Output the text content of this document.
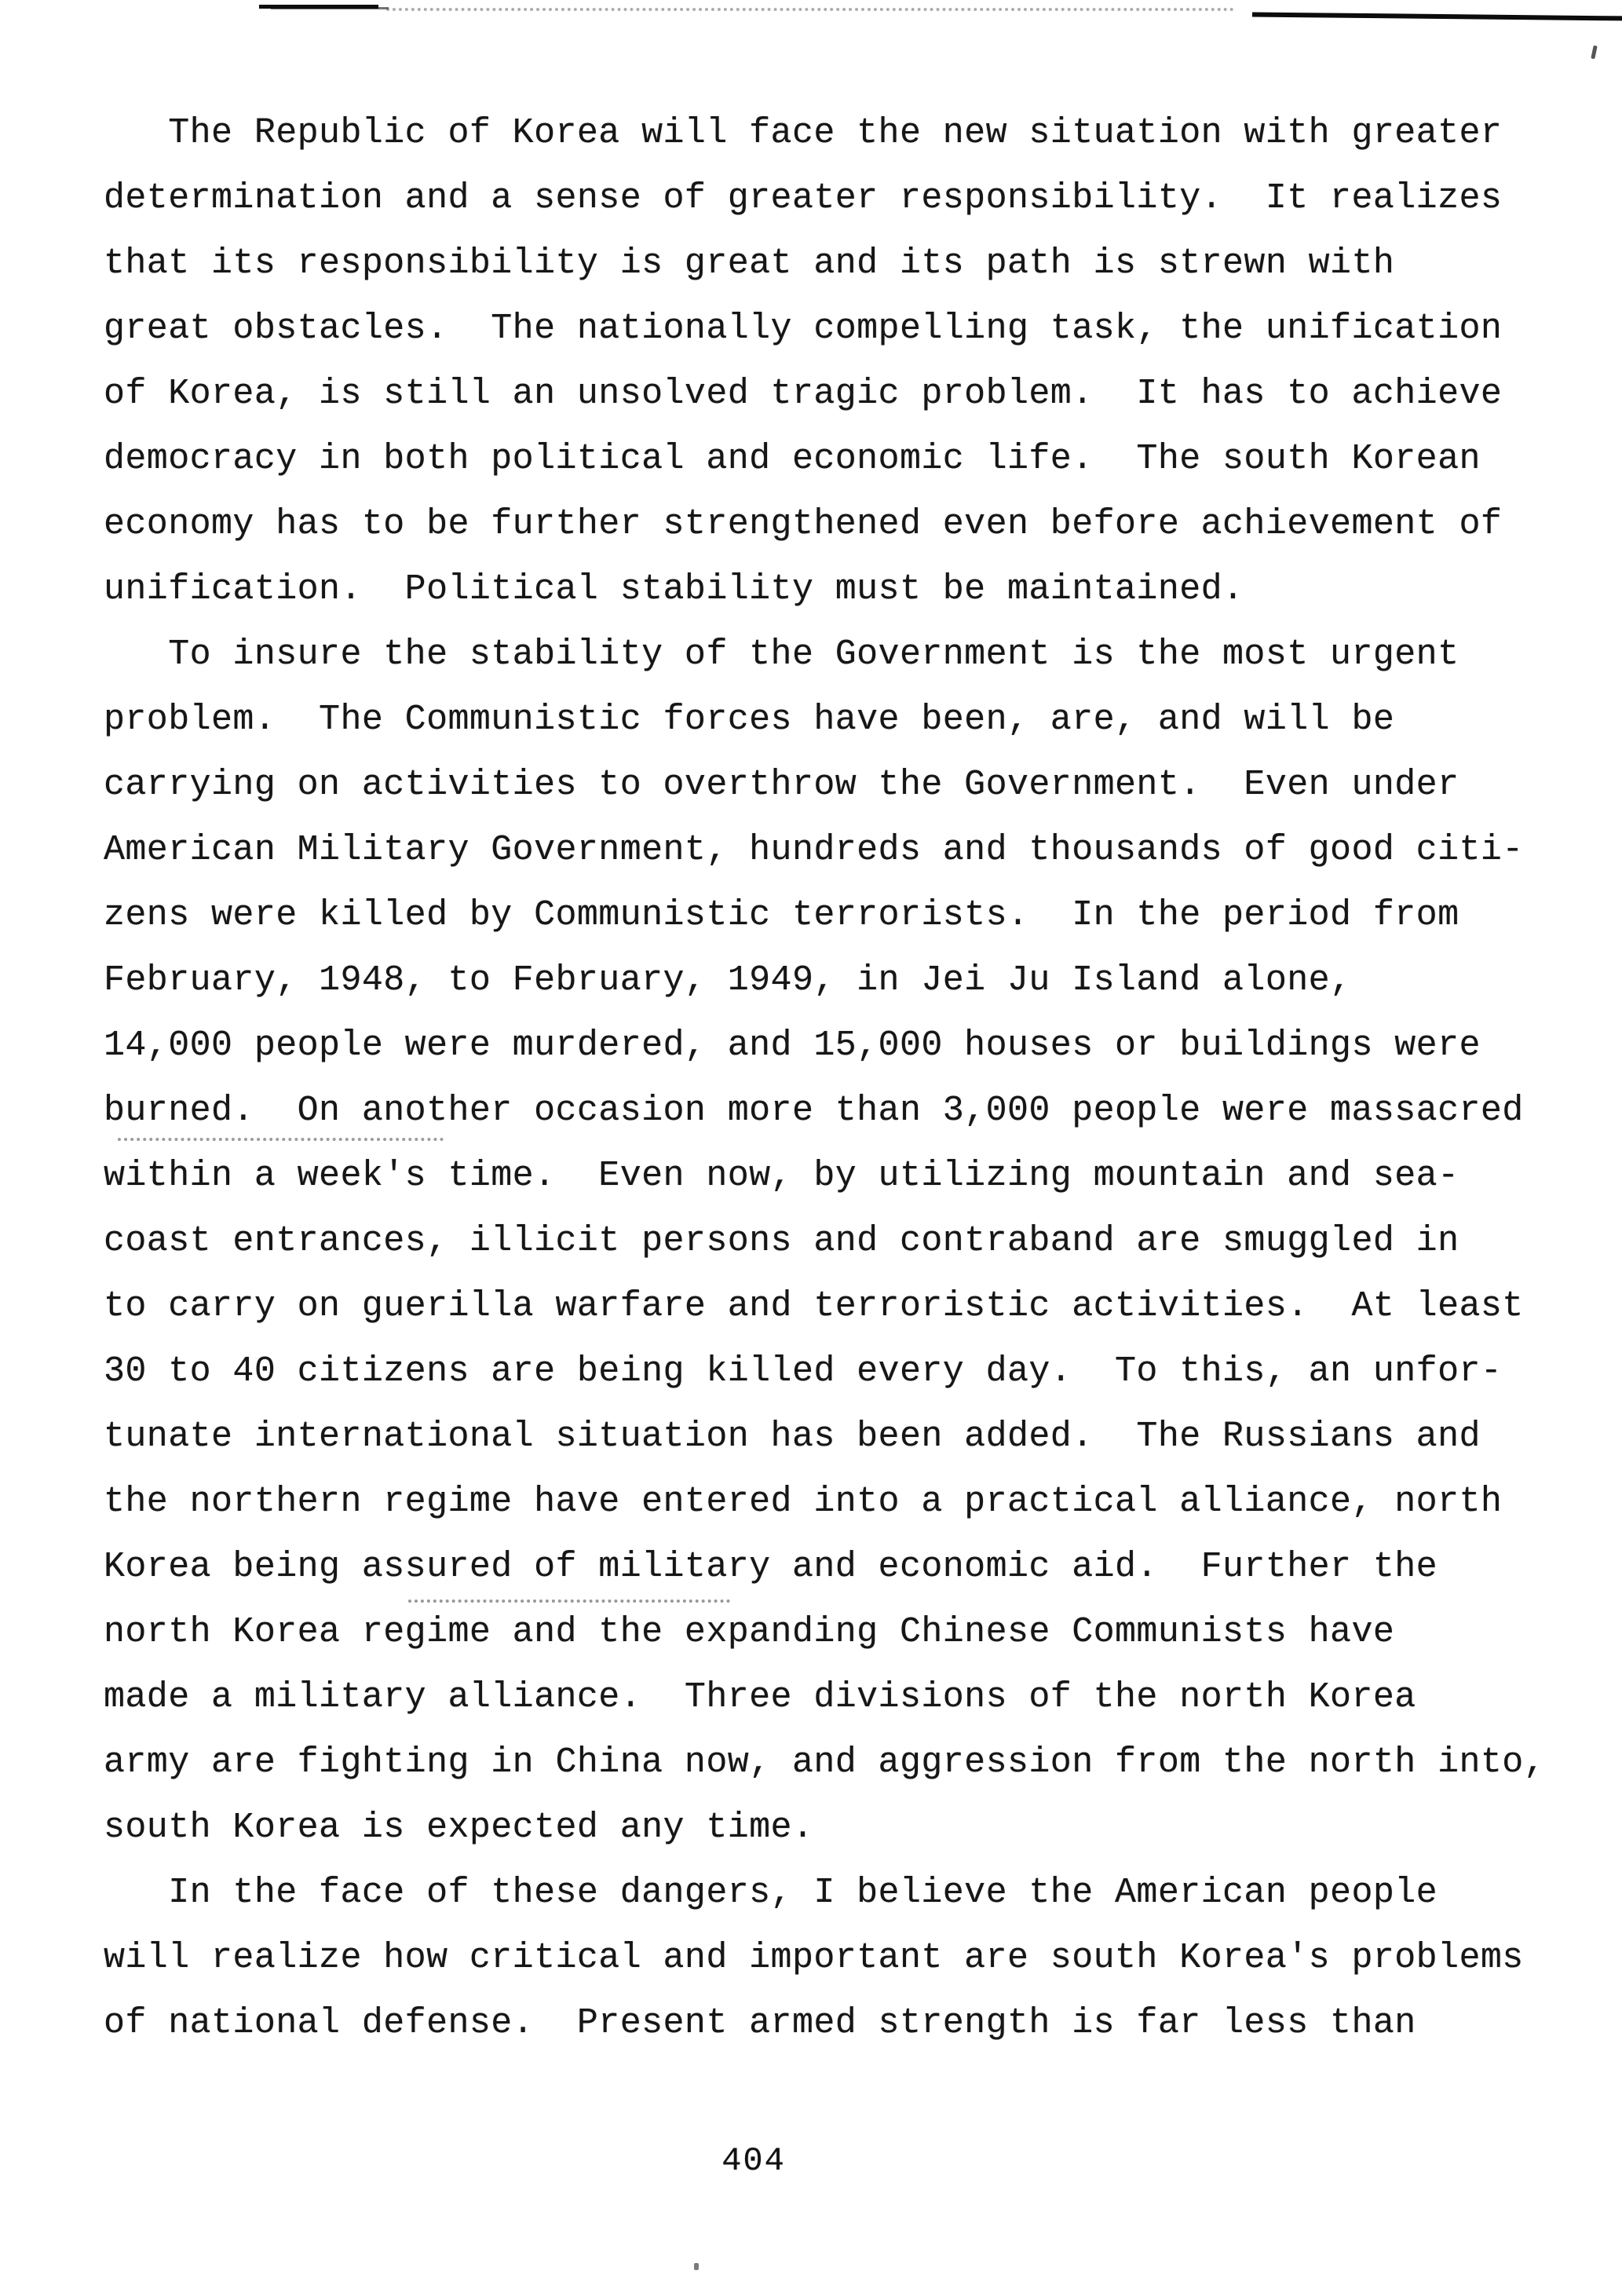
The Republic of Korea will face the new situation with greater
determination and a sense of greater responsibility.  It realizes
that its responsibility is great and its path is strewn with
great obstacles.  The nationally compelling task, the unification
of Korea, is still an unsolved tragic problem.  It has to achieve
democracy in both political and economic life.  The south Korean
economy has to be further strengthened even before achievement of
unification.  Political stability must be maintained.
To insure the stability of the Government is the most urgent
problem.  The Communistic forces have been, are, and will be
carrying on activities to overthrow the Government.  Even under
American Military Government, hundreds and thousands of good citi-
zens were killed by Communistic terrorists.  In the period from
February, 1948, to February, 1949, in Jei Ju Island alone,
14,000 people were murdered, and 15,000 houses or buildings were
burned.  On another occasion more than 3,000 people were massacred
within a week's time.  Even now, by utilizing mountain and sea-
coast entrances, illicit persons and contraband are smuggled in
to carry on guerilla warfare and terroristic activities.  At least
30 to 40 citizens are being killed every day.  To this, an unfor-
tunate international situation has been added.  The Russians and
the northern regime have entered into a practical alliance, north
Korea being assured of military and economic aid.  Further the
north Korea regime and the expanding Chinese Communists have
made a military alliance.  Three divisions of the north Korea
army are fighting in China now, and aggression from the north into,
south Korea is expected any time.
In the face of these dangers, I believe the American people
will realize how critical and important are south Korea's problems
of national defense.  Present armed strength is far less than
404
